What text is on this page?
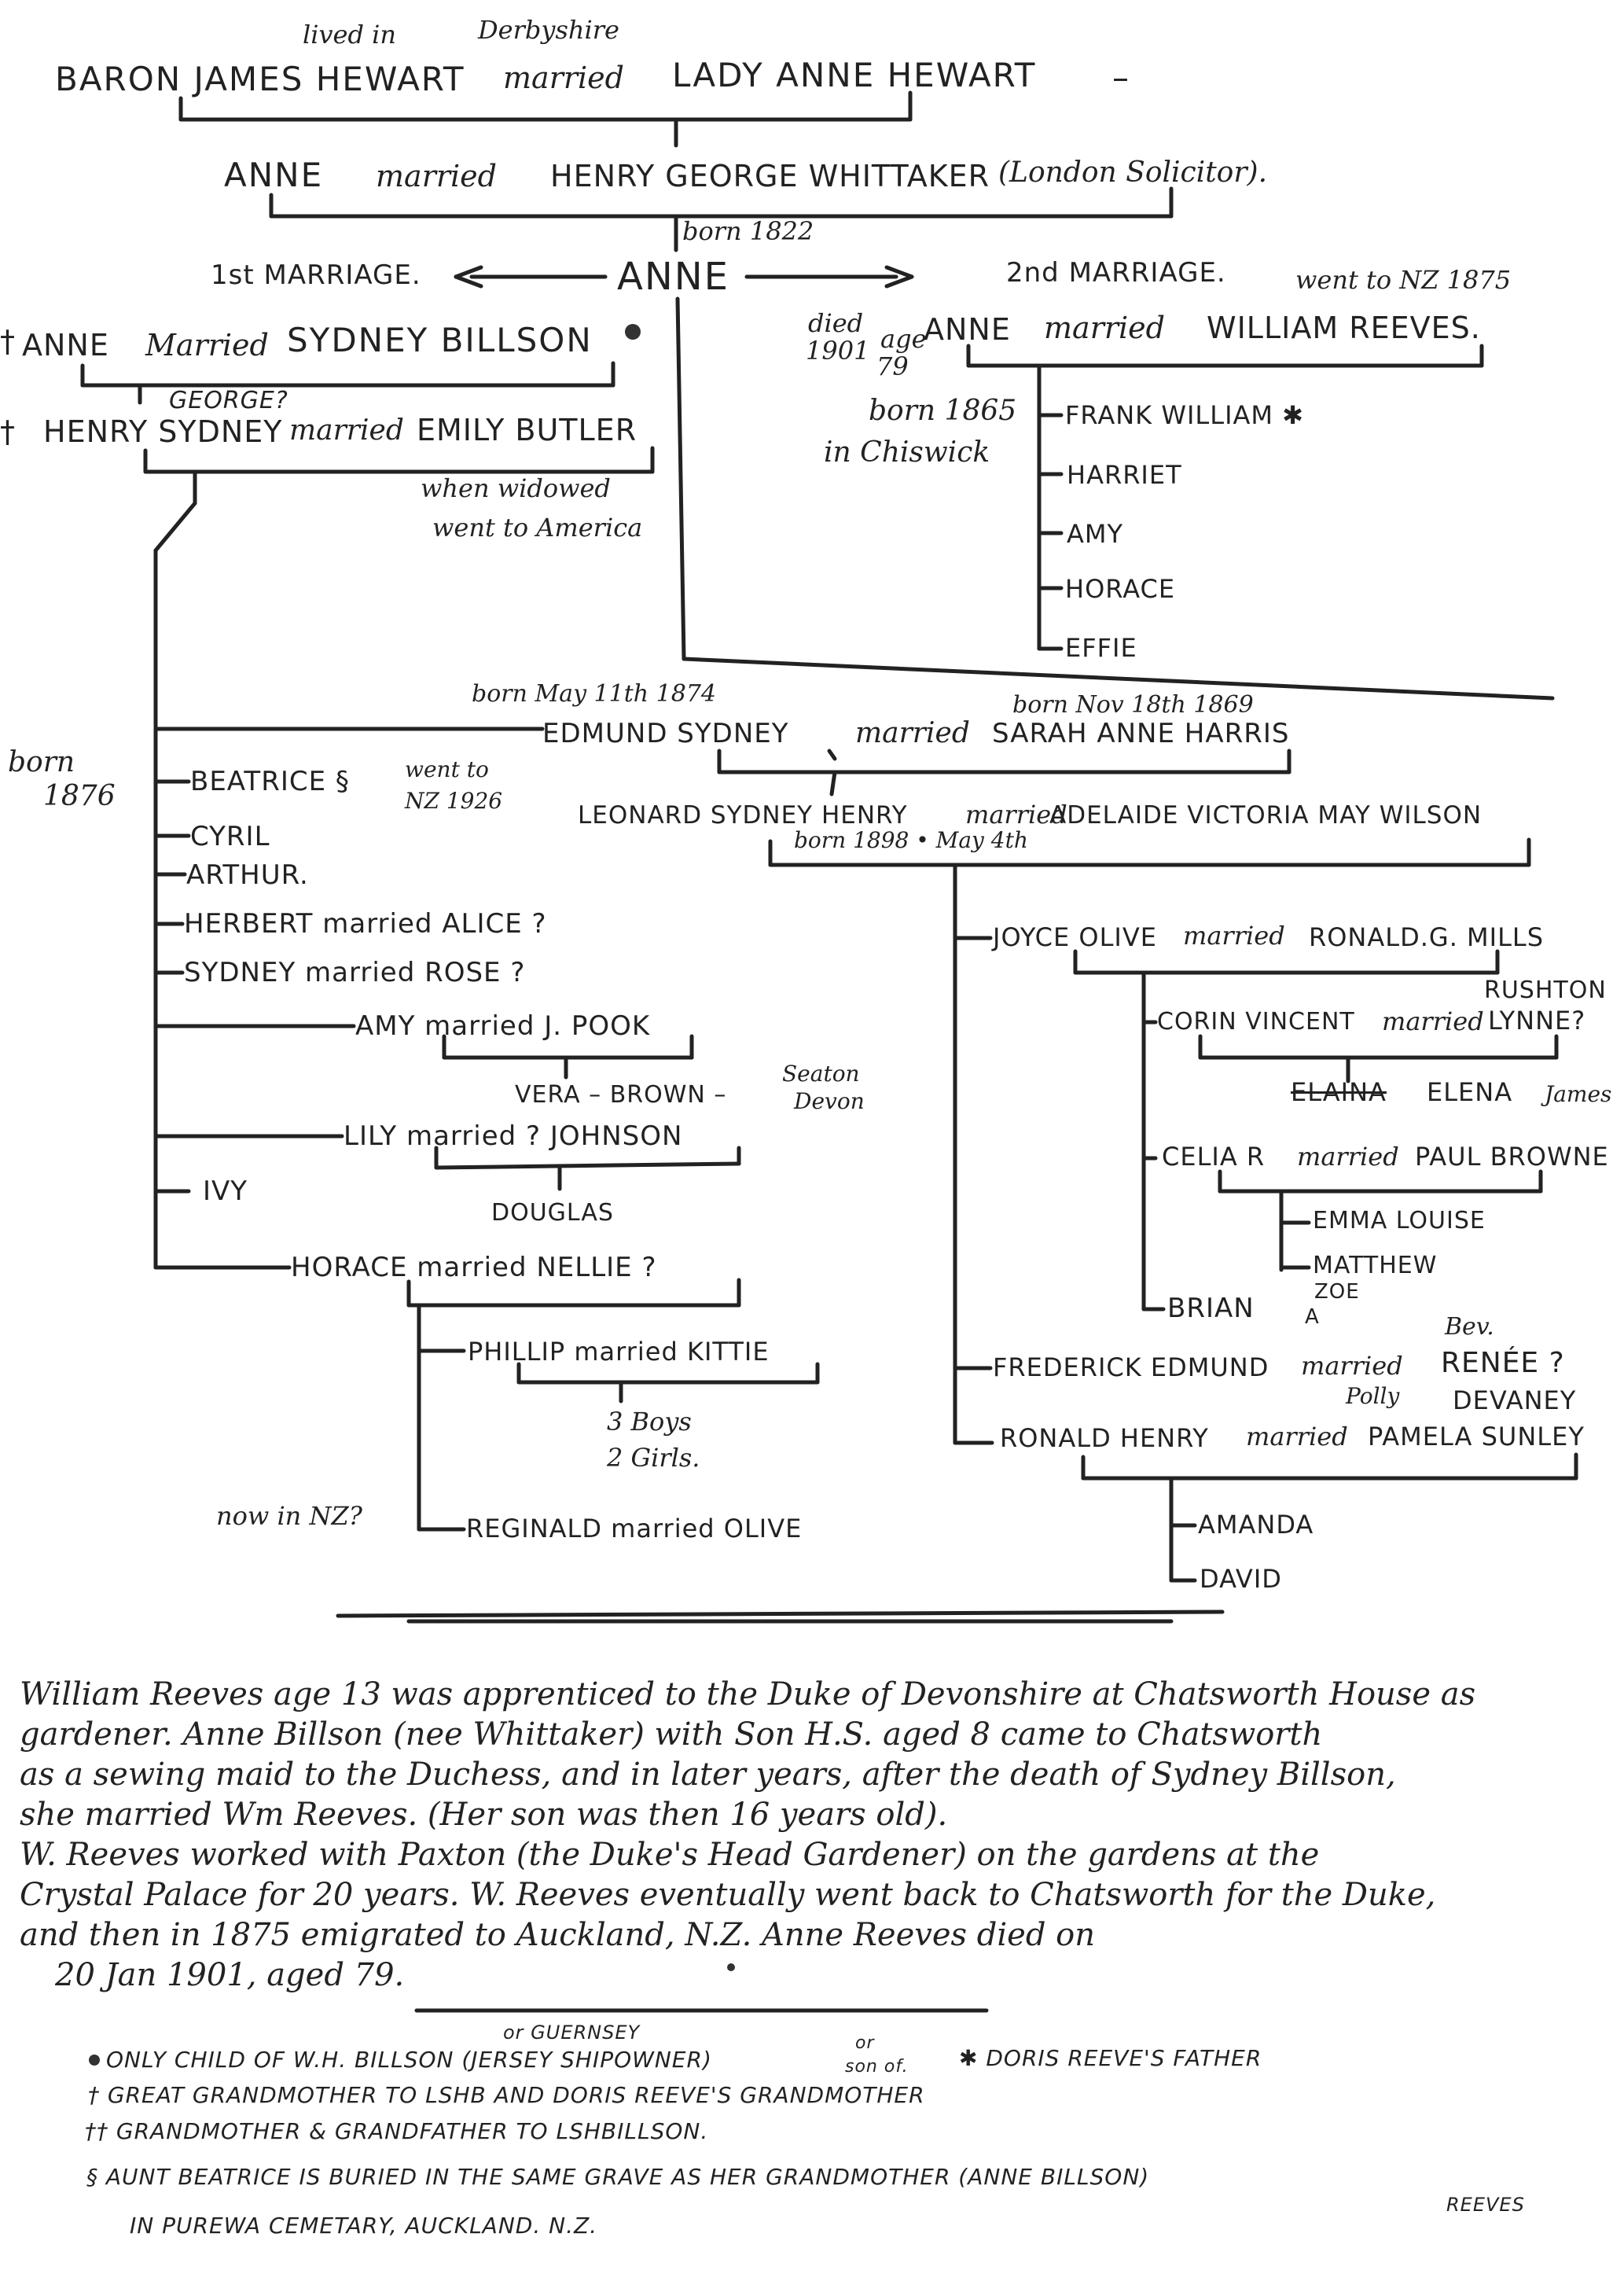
lived in	Derbyshire
BARON JAMES HEWART married LADY ANNE HEWART –
ANNE married HENRY GEORGE WHITTAKER (London Solicitor).
born 1822
1st MARRIAGE.	ANNE	2nd MARRIAGE.	went to NZ 1875
† ANNE Married SYDNEY BILLSON
GEORGE?
† HENRY SYDNEY married EMILY BUTLER
when widowed
went to America
died
1901 age
79
ANNE married WILLIAM REEVES.
born 1865
in Chiswick
FRANK WILLIAM ✱
HARRIET
AMY
HORACE
EFFIE
born
1876
born May 11th 1874	born Nov 18th 1869
EDMUND SYDNEY married SARAH ANNE HARRIS
BEATRICE §	went to
NZ 1926
CYRIL
ARTHUR.
HERBERT married ALICE ?
SYDNEY married ROSE ?
AMY married J. POOK
VERA – BROWN –
Seaton
Devon
LILY married ? JOHNSON
DOUGLAS
IVY
HORACE married NELLIE ?
PHILLIP married KITTIE
3 Boys
2 Girls.
now in NZ?	REGINALD married OLIVE
LEONARD SYDNEY HENRY married
ADELAIDE VICTORIA MAY WILSON
born 1898 • May 4th
JOYCE OLIVE married RONALD.G. MILLS
RUSHTON
CORIN VINCENT married LYNNE?
ELAINA ELENA James
CELIA R married PAUL BROWNE
EMMA LOUISE
MATTHEW
ZOE
BRIAN A	Bev.
FREDERICK EDMUND married RENÉE ?
Polly DEVANEY
RONALD HENRY married PAMELA SUNLEY
AMANDA
DAVID
William Reeves age 13 was apprenticed to the Duke of Devonshire at Chatsworth House as
gardener. Anne Billson (nee Whittaker) with Son H.S. aged 8 came to Chatsworth
as a sewing maid to the Duchess, and in later years, after the death of Sydney Billson,
she married Wm Reeves. (Her son was then 16 years old).
W. Reeves worked with Paxton (the Duke's Head Gardener) on the gardens at the
Crystal Palace for 20 years. W. Reeves eventually went back to Chatsworth for the Duke,
and then in 1875 emigrated to Auckland, N.Z. Anne Reeves died on
20 Jan 1901, aged 79.
or GUERNSEY	or
son of.
ONLY CHILD OF W.H. BILLSON (JERSEY SHIPOWNER)	✱ DORIS REEVE'S FATHER
† GREAT GRANDMOTHER TO LSHB AND DORIS REEVE'S GRANDMOTHER
†† GRANDMOTHER & GRANDFATHER TO LSHBILLSON.
§ AUNT BEATRICE IS BURIED IN THE SAME GRAVE AS HER GRANDMOTHER (ANNE BILLSON)
IN PUREWA CEMETARY, AUCKLAND. N.Z.
REEVES
